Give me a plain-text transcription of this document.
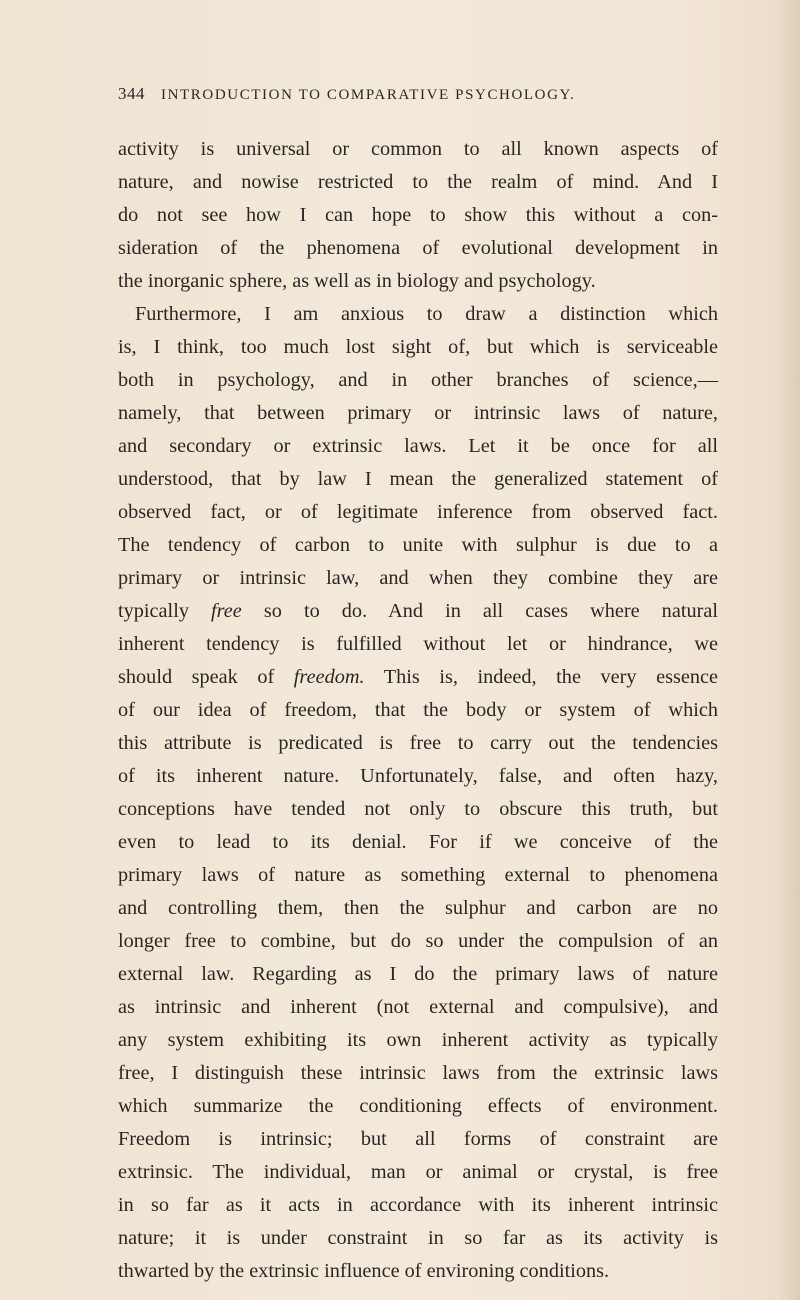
344 INTRODUCTION TO COMPARATIVE PSYCHOLOGY.
activity is universal or common to all known aspects of
nature, and nowise restricted to the realm of mind. And I
do not see how I can hope to show this without a con-
sideration of the phenomena of evolutional development in
the inorganic sphere, as well as in biology and psychology.
Furthermore, I am anxious to draw a distinction which
is, I think, too much lost sight of, but which is serviceable
both in psychology, and in other branches of science,—
namely, that between primary or intrinsic laws of nature,
and secondary or extrinsic laws. Let it be once for all
understood, that by law I mean the generalized statement of
observed fact, or of legitimate inference from observed fact.
The tendency of carbon to unite with sulphur is due to a
primary or intrinsic law, and when they combine they are
typically free so to do. And in all cases where natural
inherent tendency is fulfilled without let or hindrance, we
should speak of freedom. This is, indeed, the very essence
of our idea of freedom, that the body or system of which
this attribute is predicated is free to carry out the tendencies
of its inherent nature. Unfortunately, false, and often hazy,
conceptions have tended not only to obscure this truth, but
even to lead to its denial. For if we conceive of the
primary laws of nature as something external to phenomena
and controlling them, then the sulphur and carbon are no
longer free to combine, but do so under the compulsion of an
external law. Regarding as I do the primary laws of nature
as intrinsic and inherent (not external and compulsive), and
any system exhibiting its own inherent activity as typically
free, I distinguish these intrinsic laws from the extrinsic laws
which summarize the conditioning effects of environment.
Freedom is intrinsic; but all forms of constraint are
extrinsic. The individual, man or animal or crystal, is free
in so far as it acts in accordance with its inherent intrinsic
nature; it is under constraint in so far as its activity is
thwarted by the extrinsic influence of environing conditions.
